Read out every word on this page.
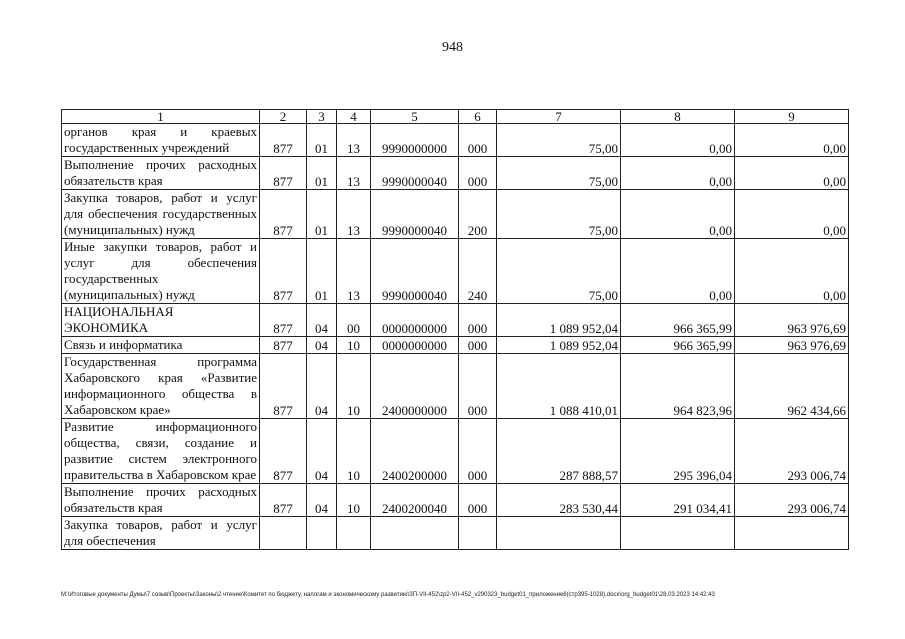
948
1	2	3	4	5	6	7	8	9
органов края и краевых государственных учреждений	877	01	13	9990000000	000	75,00	0,00	0,00
Выполнение прочих расходных обязательств края	877	01	13	9990000040	000	75,00	0,00	0,00
Закупка товаров, работ и услуг для обеспечения государственных (муниципальных) нужд	877	01	13	9990000040	200	75,00	0,00	0,00
Иные закупки товаров, работ и услуг для обеспечения государственных (муниципальных) нужд	877	01	13	9990000040	240	75,00	0,00	0,00
НАЦИОНАЛЬНАЯ ЭКОНОМИКА	877	04	00	0000000000	000	1 089 952,04	966 365,99	963 976,69
Связь и информатика	877	04	10	0000000000	000	1 089 952,04	966 365,99	963 976,69
Государственная программа Хабаровского края «Развитие информационного общества в Хабаровском крае»	877	04	10	2400000000	000	1 088 410,01	964 823,96	962 434,66
Развитие информационного общества, связи, создание и развитие систем электронного правительства в Хабаровском крае	877	04	10	2400200000	000	287 888,57	295 396,04	293 006,74
Выполнение прочих расходных обязательств края	877	04	10	2400200040	000	283 530,44	291 034,41	293 006,74
Закупка товаров, работ и услуг для обеспечения								
М:\Итоговые документы Думы\7 созыв\Проекты\Законы\2 чтение\Комитет по бюджету, налогам и экономическому развитию\ЗП-VII-452\zp2-VII-452_v290323_budget01_приложение6(стр395-1028).docx\org_budget01\28.03.2023 14:42:43
